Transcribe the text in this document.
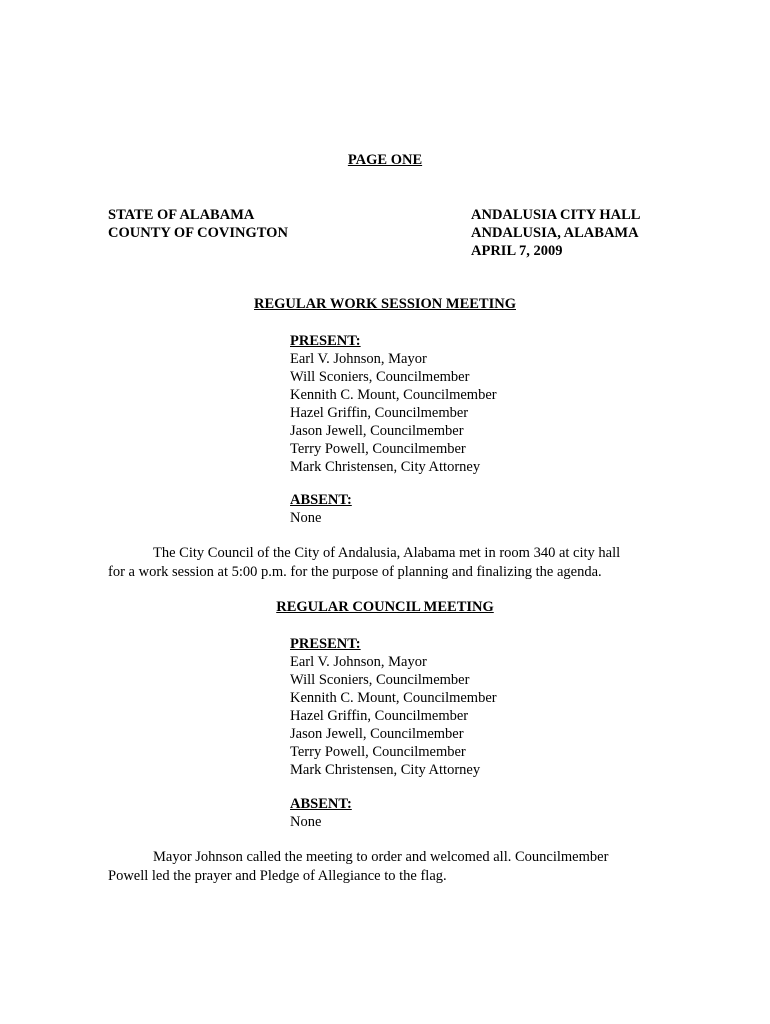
PAGE ONE
STATE OF ALABAMA
COUNTY OF COVINGTON
ANDALUSIA CITY HALL
ANDALUSIA, ALABAMA
APRIL 7, 2009
REGULAR WORK SESSION MEETING
PRESENT:
Earl V. Johnson, Mayor
Will Sconiers, Councilmember
Kennith C. Mount, Councilmember
Hazel Griffin, Councilmember
Jason Jewell, Councilmember
Terry Powell, Councilmember
Mark Christensen, City Attorney
ABSENT:
None

The City Council of the City of Andalusia, Alabama met in room 340 at city hall

for a work session at 5:00 p.m. for the purpose of planning and finalizing the agenda.

REGULAR COUNCIL MEETING
PRESENT:
Earl V. Johnson, Mayor
Will Sconiers, Councilmember
Kennith C. Mount, Councilmember
Hazel Griffin, Councilmember
Jason Jewell, Councilmember
Terry Powell, Councilmember
Mark Christensen, City Attorney
ABSENT:
None

Mayor Johnson called the meeting to order and welcomed all. Councilmember

Powell led the prayer and Pledge of Allegiance to the flag.
